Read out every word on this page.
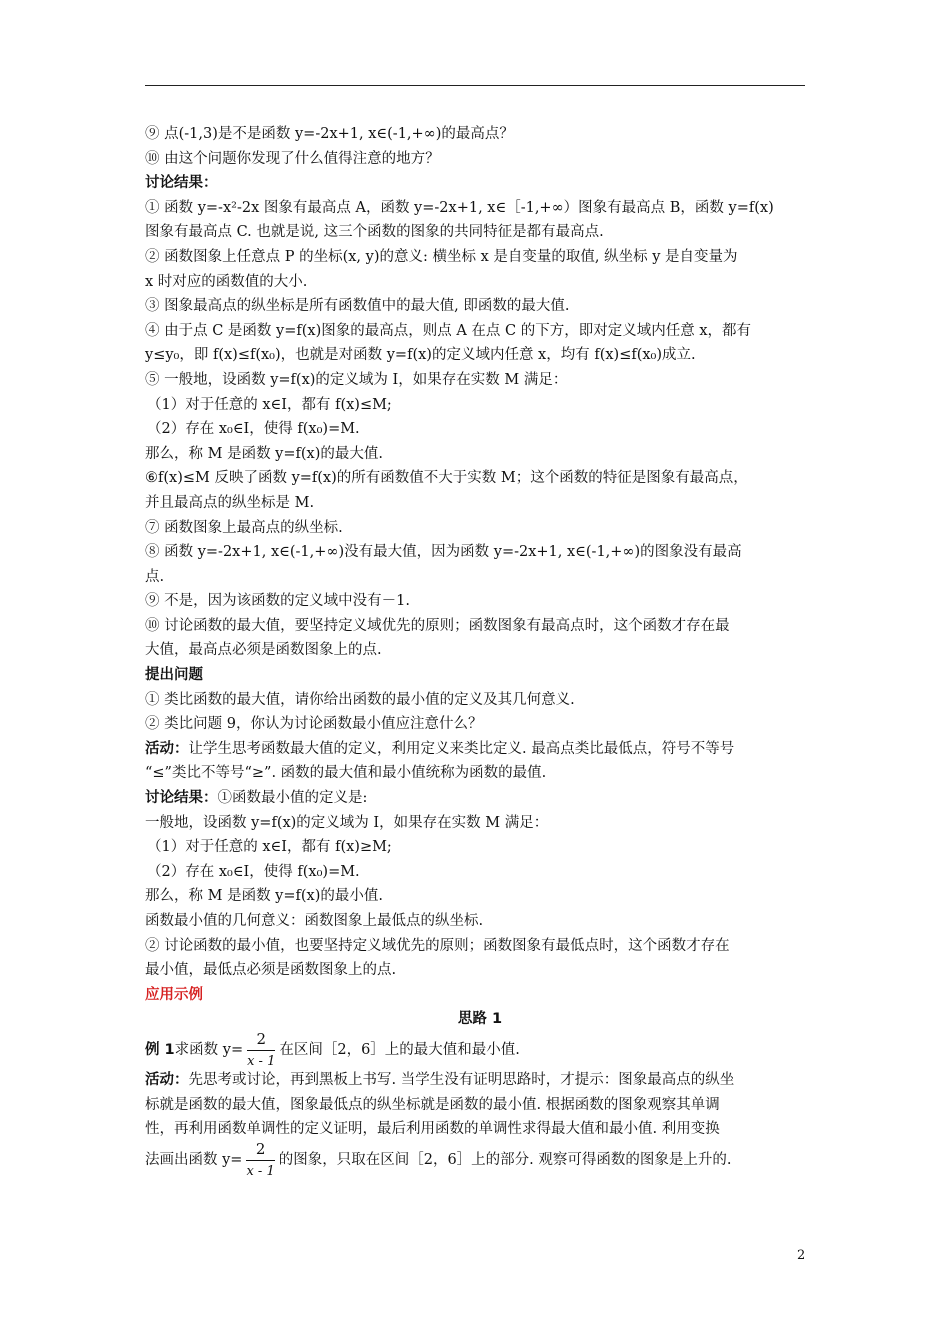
⑨ 点(-1,3)是不是函数 y=-2x+1, x∈(-1,+∞)的最高点？

⑩ 由这个问题你发现了什么值得注意的地方？

讨论结果：

① 函数 y=-x²-2x 图象有最高点 A，函数 y=-2x+1, x∈［-1,+∞）图象有最高点 B，函数 y=f(x)

图象有最高点 C. 也就是说, 这三个函数的图象的共同特征是都有最高点.

② 函数图象上任意点 P 的坐标(x, y)的意义: 横坐标 x 是自变量的取值, 纵坐标 y 是自变量为

x 时对应的函数值的大小.

③ 图象最高点的纵坐标是所有函数值中的最大值, 即函数的最大值.

④ 由于点 C 是函数 y=f(x)图象的最高点，则点 A 在点 C 的下方，即对定义域内任意 x，都有

y≤y₀，即 f(x)≤f(x₀)，也就是对函数 y=f(x)的定义域内任意 x，均有 f(x)≤f(x₀)成立.

⑤ 一般地，设函数 y=f(x)的定义域为 I，如果存在实数 M 满足：

（1）对于任意的 x∈I，都有 f(x)≤M;

（2）存在 x₀∈I，使得 f(x₀)=M.

那么，称 M 是函数 y=f(x)的最大值.

⑥f(x)≤M 反映了函数 y=f(x)的所有函数值不大于实数 M；这个函数的特征是图象有最高点，

并且最高点的纵坐标是 M.

⑦ 函数图象上最高点的纵坐标.

⑧ 函数 y=-2x+1, x∈(-1,+∞)没有最大值，因为函数 y=-2x+1, x∈(-1,+∞)的图象没有最高

点.

⑨ 不是，因为该函数的定义域中没有－1.

⑩ 讨论函数的最大值，要坚持定义域优先的原则；函数图象有最高点时，这个函数才存在最

大值，最高点必须是函数图象上的点.

提出问题

① 类比函数的最大值，请你给出函数的最小值的定义及其几何意义.

② 类比问题 9，你认为讨论函数最小值应注意什么？

活动：让学生思考函数最大值的定义，利用定义来类比定义. 最高点类比最低点，符号不等号

“≤”类比不等号“≥”. 函数的最大值和最小值统称为函数的最值.

讨论结果：①函数最小值的定义是:

一般地，设函数 y=f(x)的定义域为 I，如果存在实数 M 满足：

（1）对于任意的 x∈I，都有 f(x)≥M;

（2）存在 x₀∈I，使得 f(x₀)=M.

那么，称 M 是函数 y=f(x)的最小值.

函数最小值的几何意义：函数图象上最低点的纵坐标.

② 讨论函数的最小值，也要坚持定义域优先的原则；函数图象有最低点时，这个函数才存在

最小值，最低点必须是函数图象上的点.

应用示例

思路 1

例 1求函数 $y= \frac{2}{x - 1}$ 在区间［2，6］上的最大值和最小值.

活动：先思考或讨论，再到黑板上书写. 当学生没有证明思路时，才提示：图象最高点的纵坐

标就是函数的最大值，图象最低点的纵坐标就是函数的最小值. 根据函数的图象观察其单调

性，再利用函数单调性的定义证明，最后利用函数的单调性求得最大值和最小值. 利用变换

法画出函数 $y= \frac{2}{x - 1}$ 的图象，只取在区间［2，6］上的部分. 观察可得函数的图象是上升的.

2
